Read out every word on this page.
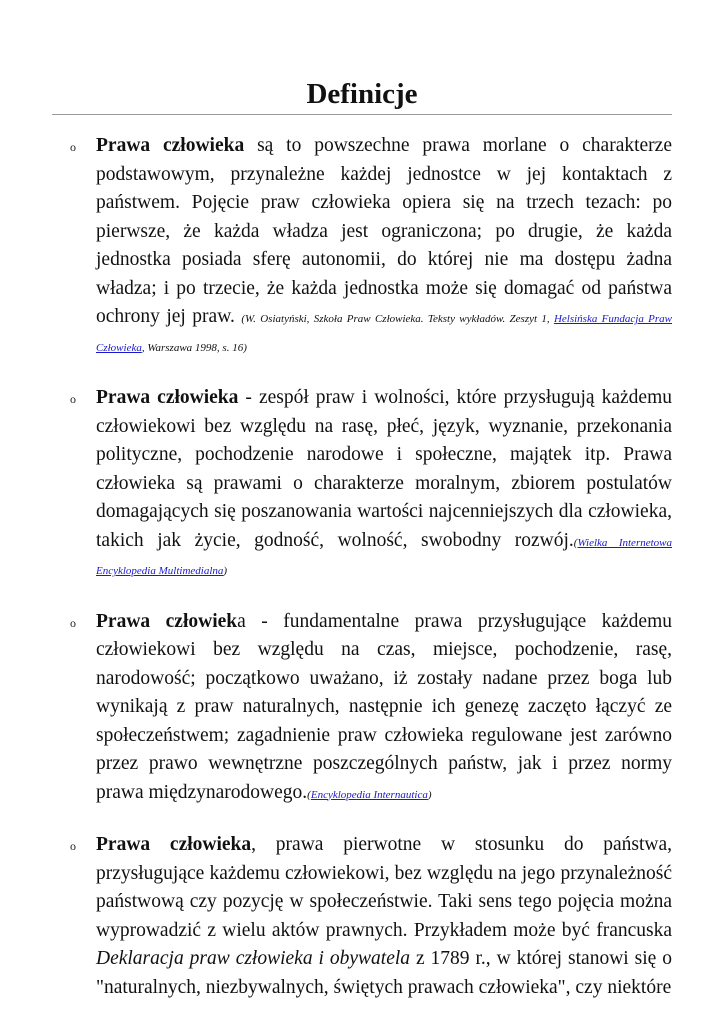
Definicje
o Prawa człowieka są to powszechne prawa morlane o charakterze podstawowym, przynależne każdej jednostce w jej kontaktach z państwem. Pojęcie praw człowieka opiera się na trzech tezach: po pierwsze, że każda władza jest ograniczona; po drugie, że każda jednostka posiada sferę autonomii, do której nie ma dostępu żadna władza; i po trzecie, że każda jednostka może się domagać od państwa ochrony jej praw. (W. Osiatyński, Szkoła Praw Człowieka. Teksty wykładów. Zeszyt 1, Helsińska Fundacja Praw Człowieka, Warszawa 1998, s. 16)

o Prawa człowieka - zespół praw i wolności, które przysługują każdemu człowiekowi bez względu na rasę, płeć, język, wyznanie, przekonania polityczne, pochodzenie narodowe i społeczne, majątek itp. Prawa człowieka są prawami o charakterze moralnym, zbiorem postulatów domagających się poszanowania wartości najcenniejszych dla człowieka, takich jak życie, godność, wolność, swobodny rozwój.(Wielka Internetowa Encyklopedia Multimedialna)

o Prawa człowieka - fundamentalne prawa przysługujące każdemu człowiekowi bez względu na czas, miejsce, pochodzenie, rasę, narodowość; początkowo uważano, iż zostały nadane przez boga lub wynikają z praw naturalnych, następnie ich genezę zaczęto łączyć ze społeczeństwem; zagadnienie praw człowieka regulowane jest zarówno przez prawo wewnętrzne poszczególnych państw, jak i przez normy prawa międzynarodowego.(Encyklopedia Internautica)

o Prawa człowieka, prawa pierwotne w stosunku do państwa, przysługujące każdemu człowiekowi, bez względu na jego przynależność państwową czy pozycję w społeczeństwie. Taki sens tego pojęcia można wyprowadzić z wielu aktów prawnych. Przykładem może być francuska Deklaracja praw człowieka i obywatela z 1789 r., w której stanowi się o "naturalnych, niezbywalnych, świętych prawach człowieka", czy niektóre
